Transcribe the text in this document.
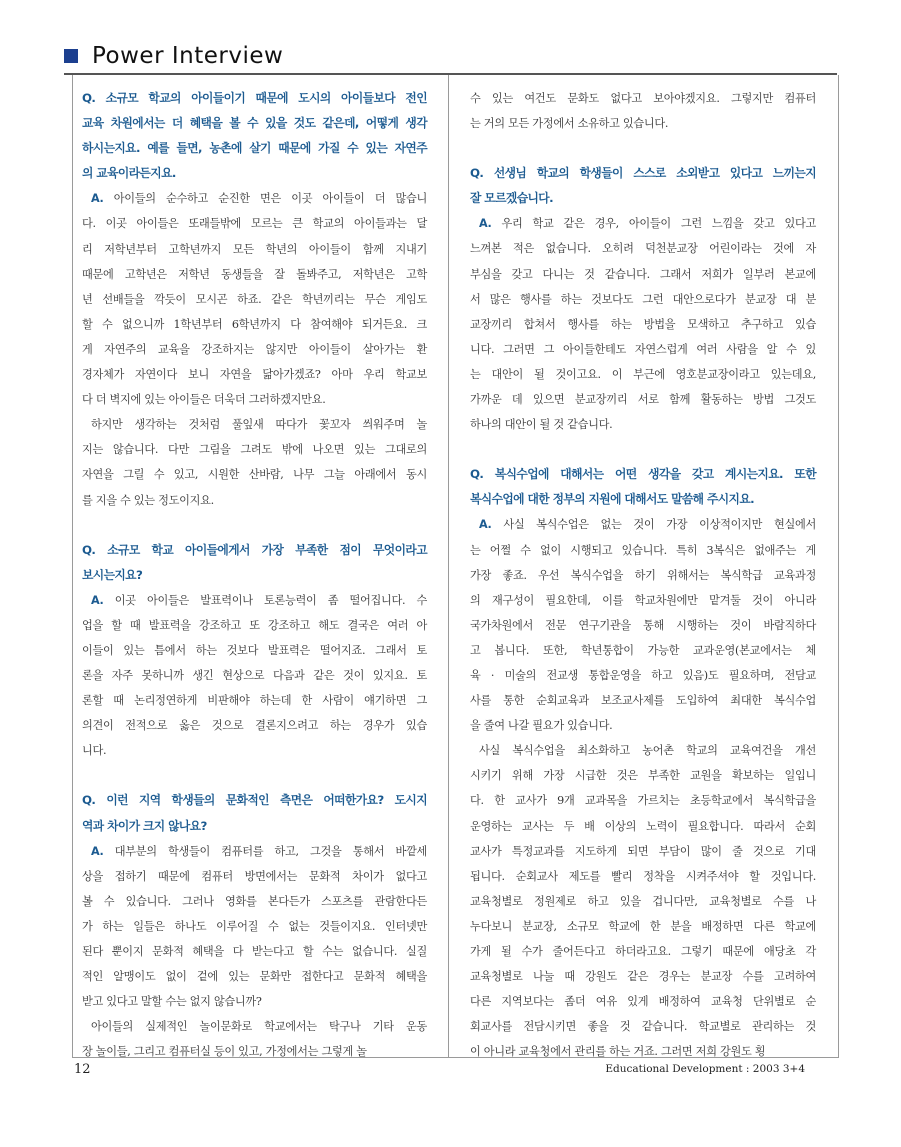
Power Interview

Q. 소규모 학교의 아이들이기 때문에 도시의 아이들보다 전인

교육 차원에서는 더 혜택을 볼 수 있을 것도 같은데, 어떻게 생각

하시는지요. 예를 들면, 농촌에 살기 때문에 가질 수 있는 자연주

의 교육이라든지요.

A. 아이들의 순수하고 순진한 면은 이곳 아이들이 더 많습니

다. 이곳 아이들은 또래들밖에 모르는 큰 학교의 아이들과는 달

리 저학년부터 고학년까지 모든 학년의 아이들이 함께 지내기

때문에 고학년은 저학년 동생들을 잘 돌봐주고, 저학년은 고학

년 선배들을 깍듯이 모시곤 하죠. 같은 학년끼리는 무슨 게임도

할 수 없으니까 1학년부터 6학년까지 다 참여해야 되거든요. 크

게 자연주의 교육을 강조하지는 않지만 아이들이 살아가는 환

경자체가 자연이다 보니 자연을 닮아가겠죠? 아마 우리 학교보

다 더 벽지에 있는 아이들은 더욱더 그러하겠지만요.

하지만 생각하는 것처럼 풀잎새 따다가 꽃꼬자 씌워주며 놀

지는 않습니다. 다만 그림을 그려도 밖에 나오면 있는 그대로의

자연을 그릴 수 있고, 시원한 산바람, 나무 그늘 아래에서 동시

를 지을 수 있는 정도이지요.

Q. 소규모 학교 아이들에게서 가장 부족한 점이 무엇이라고

보시는지요?

A. 이곳 아이들은 발표력이나 토론능력이 좀 떨어집니다. 수

업을 할 때 발표력을 강조하고 또 강조하고 해도 결국은 여러 아

이들이 있는 틈에서 하는 것보다 발표력은 떨어지죠. 그래서 토

론을 자주 못하니까 생긴 현상으로 다음과 같은 것이 있지요. 토

론할 때 논리정연하게 비판해야 하는데 한 사람이 얘기하면 그

의견이 전적으로 옳은 것으로 결론지으려고 하는 경우가 있습

니다.

Q. 이런 지역 학생들의 문화적인 측면은 어떠한가요? 도시지

역과 차이가 크지 않나요?

A. 대부분의 학생들이 컴퓨터를 하고, 그것을 통해서 바깥세

상을 접하기 때문에 컴퓨터 방면에서는 문화적 차이가 없다고

볼 수 있습니다. 그러나 영화를 본다든가 스포츠를 관람한다든

가 하는 일들은 하나도 이루어질 수 없는 것들이지요. 인터넷만

된다 뿐이지 문화적 혜택을 다 받는다고 할 수는 없습니다. 실질

적인 알맹이도 없이 겉에 있는 문화만 접한다고 문화적 혜택을

받고 있다고 말할 수는 없지 않습니까?

아이들의 실제적인 놀이문화로 학교에서는 탁구나 기타 운동

장 놀이들, 그리고 컴퓨터실 등이 있고, 가정에서는 그렇게 놀

수 있는 여건도 문화도 없다고 보아야겠지요. 그렇지만 컴퓨터

는 거의 모든 가정에서 소유하고 있습니다.

Q. 선생님 학교의 학생들이 스스로 소외받고 있다고 느끼는지

잘 모르겠습니다.

A. 우리 학교 같은 경우, 아이들이 그런 느낌을 갖고 있다고

느껴본 적은 없습니다. 오히려 덕천분교장 어린이라는 것에 자

부심을 갖고 다니는 것 같습니다. 그래서 저희가 일부러 본교에

서 많은 행사를 하는 것보다도 그런 대안으로다가 분교장 대 분

교장끼리 합쳐서 행사를 하는 방법을 모색하고 추구하고 있습

니다. 그러면 그 아이들한테도 자연스럽게 여러 사람을 알 수 있

는 대안이 될 것이고요. 이 부근에 영호분교장이라고 있는데요,

가까운 데 있으면 분교장끼리 서로 함께 활동하는 방법 그것도

하나의 대안이 될 것 같습니다.

Q. 복식수업에 대해서는 어떤 생각을 갖고 계시는지요. 또한

복식수업에 대한 정부의 지원에 대해서도 말씀해 주시지요.

A. 사실 복식수업은 없는 것이 가장 이상적이지만 현실에서

는 어쩔 수 없이 시행되고 있습니다. 특히 3복식은 없애주는 게

가장 좋죠. 우선 복식수업을 하기 위해서는 복식학급 교육과정

의 재구성이 필요한데, 이를 학교차원에만 맡겨둘 것이 아니라

국가차원에서 전문 연구기관을 통해 시행하는 것이 바람직하다

고 봅니다. 또한, 학년통합이 가능한 교과운영(본교에서는 체

육 · 미술의 전교생 통합운영을 하고 있음)도 필요하며, 전담교

사를 통한 순회교육과 보조교사제를 도입하여 최대한 복식수업

을 줄여 나갈 필요가 있습니다.

사실 복식수업을 최소화하고 농어촌 학교의 교육여건을 개선

시키기 위해 가장 시급한 것은 부족한 교원을 확보하는 일입니

다. 한 교사가 9개 교과목을 가르치는 초등학교에서 복식학급을

운영하는 교사는 두 배 이상의 노력이 필요합니다. 따라서 순회

교사가 특정교과를 지도하게 되면 부담이 많이 줄 것으로 기대

됩니다. 순회교사 제도를 빨리 정착을 시켜주셔야 할 것입니다.

교육청별로 정원제로 하고 있을 겁니다만, 교육청별로 수를 나

누다보니 분교장, 소규모 학교에 한 분을 배정하면 다른 학교에

가게 될 수가 줄어든다고 하더라고요. 그렇기 때문에 애당초 각

교육청별로 나눌 때 강원도 같은 경우는 분교장 수를 고려하여

다른 지역보다는 좀더 여유 있게 배정하여 교육청 단위별로 순

회교사를 전담시키면 좋을 것 같습니다. 학교별로 관리하는 것

이 아니라 교육청에서 관리를 하는 거죠. 그러면 저희 강원도 횡

12	Educational Development : 2003 3+4
